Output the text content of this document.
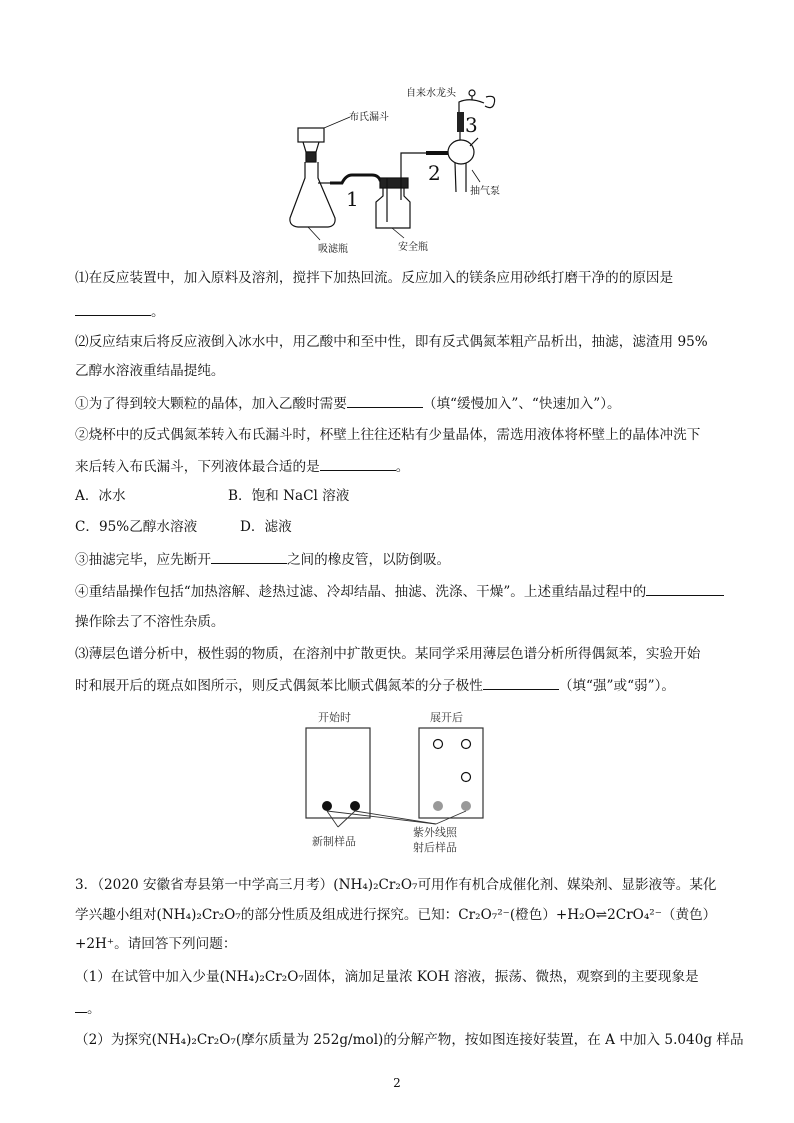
布氏漏斗
吸滤瓶
1
安全瓶
2
抽气泵
3
自来水龙头
⑴在反应装置中，加入原料及溶剂，搅拌下加热回流。反应加入的镁条应用砂纸打磨干净的的原因是
。
⑵反应结束后将反应液倒入冰水中，用乙酸中和至中性，即有反式偶氮苯粗产品析出，抽滤，滤渣用 95%
乙醇水溶液重结晶提纯。
①为了得到较大颗粒的晶体，加入乙酸时需要	（填“缓慢加入”、“快速加入”）。
②烧杯中的反式偶氮苯转入布氏漏斗时，杯壁上往往还粘有少量晶体，需选用液体将杯壁上的晶体冲洗下
来后转入布氏漏斗，下列液体最合适的是	。
A．冰水	B．饱和 NaCl 溶液
C．95%乙醇水溶液	D．滤液
③抽滤完毕，应先断开	之间的橡皮管，以防倒吸。
④重结晶操作包括“加热溶解、趁热过滤、冷却结晶、抽滤、洗涤、干燥”。上述重结晶过程中的
操作除去了不溶性杂质。
⑶薄层色谱分析中，极性弱的物质，在溶剂中扩散更快。某同学采用薄层色谱分析所得偶氮苯，实验开始
时和展开后的斑点如图所示，则反式偶氮苯比顺式偶氮苯的分子极性	（填“强”或“弱”）。
开始时	展开后
新制样品
紫外线照
射后样品
3．（2020 安徽省寿县第一中学高三月考）(NH₄)₂Cr₂O₇可用作有机合成催化剂、媒染剂、显影液等。某化
学兴趣小组对(NH₄)₂Cr₂O₇的部分性质及组成进行探究。已知：Cr₂O₇²⁻(橙色）+H₂O⇌2CrO₄²⁻（黄色）
+2H⁺。请回答下列问题：
（1）在试管中加入少量(NH₄)₂Cr₂O₇固体，滴加足量浓 KOH 溶液，振荡、微热，观察到的主要现象是
。
（2）为探究(NH₄)₂Cr₂O₇(摩尔质量为 252g/mol)的分解产物，按如图连接好装置，在 A 中加入 5.040g 样品
2
